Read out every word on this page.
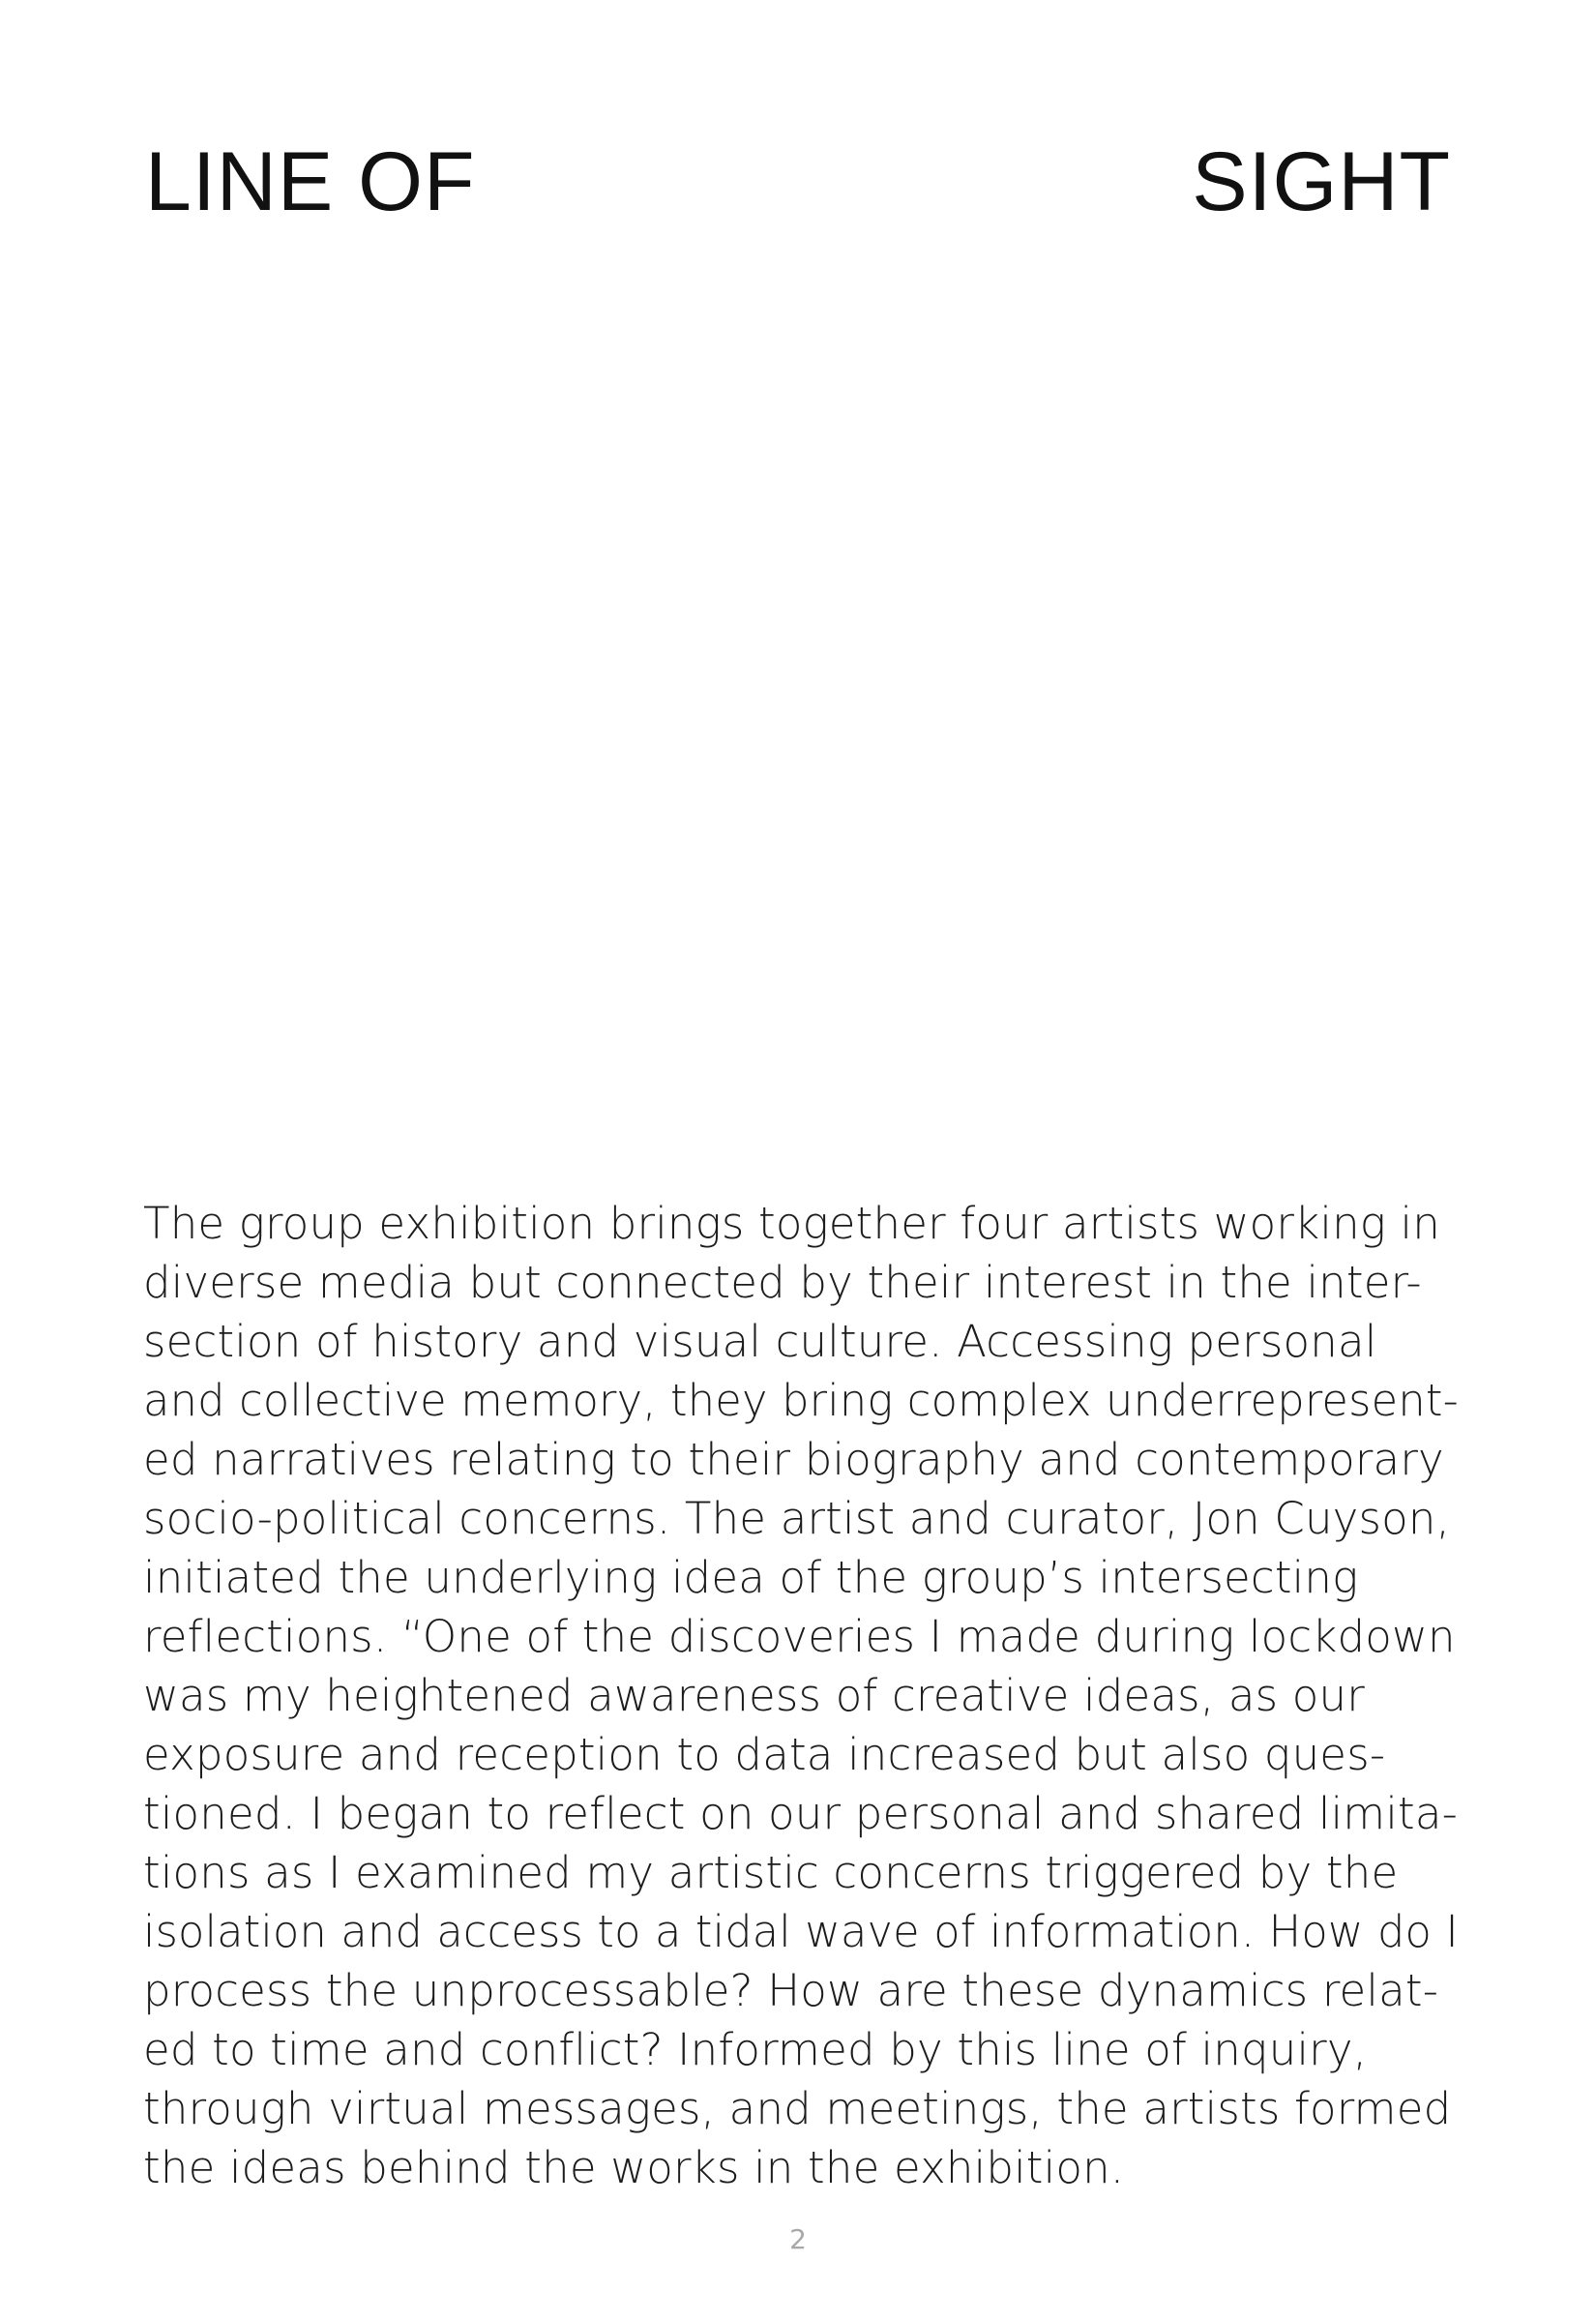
LINE OF	SIGHT

The group exhibition brings together four artists working in
diverse media but connected by their interest in the inter-
section of history and visual culture. Accessing personal
and collective memory, they bring complex underrepresent-
ed narratives relating to their biography and contemporary
socio-political concerns. The artist and curator, Jon Cuyson,
initiated the underlying idea of the group’s intersecting
reflections. “One of the discoveries I made during lockdown
was my heightened awareness of creative ideas, as our
exposure and reception to data increased but also ques-
tioned. I began to reflect on our personal and shared limita-
tions as I examined my artistic concerns triggered by the
isolation and access to a tidal wave of information. How do I
process the unprocessable? How are these dynamics relat-
ed to time and conflict? Informed by this line of inquiry,
through virtual messages, and meetings, the artists formed
the ideas behind the works in the exhibition.

2
